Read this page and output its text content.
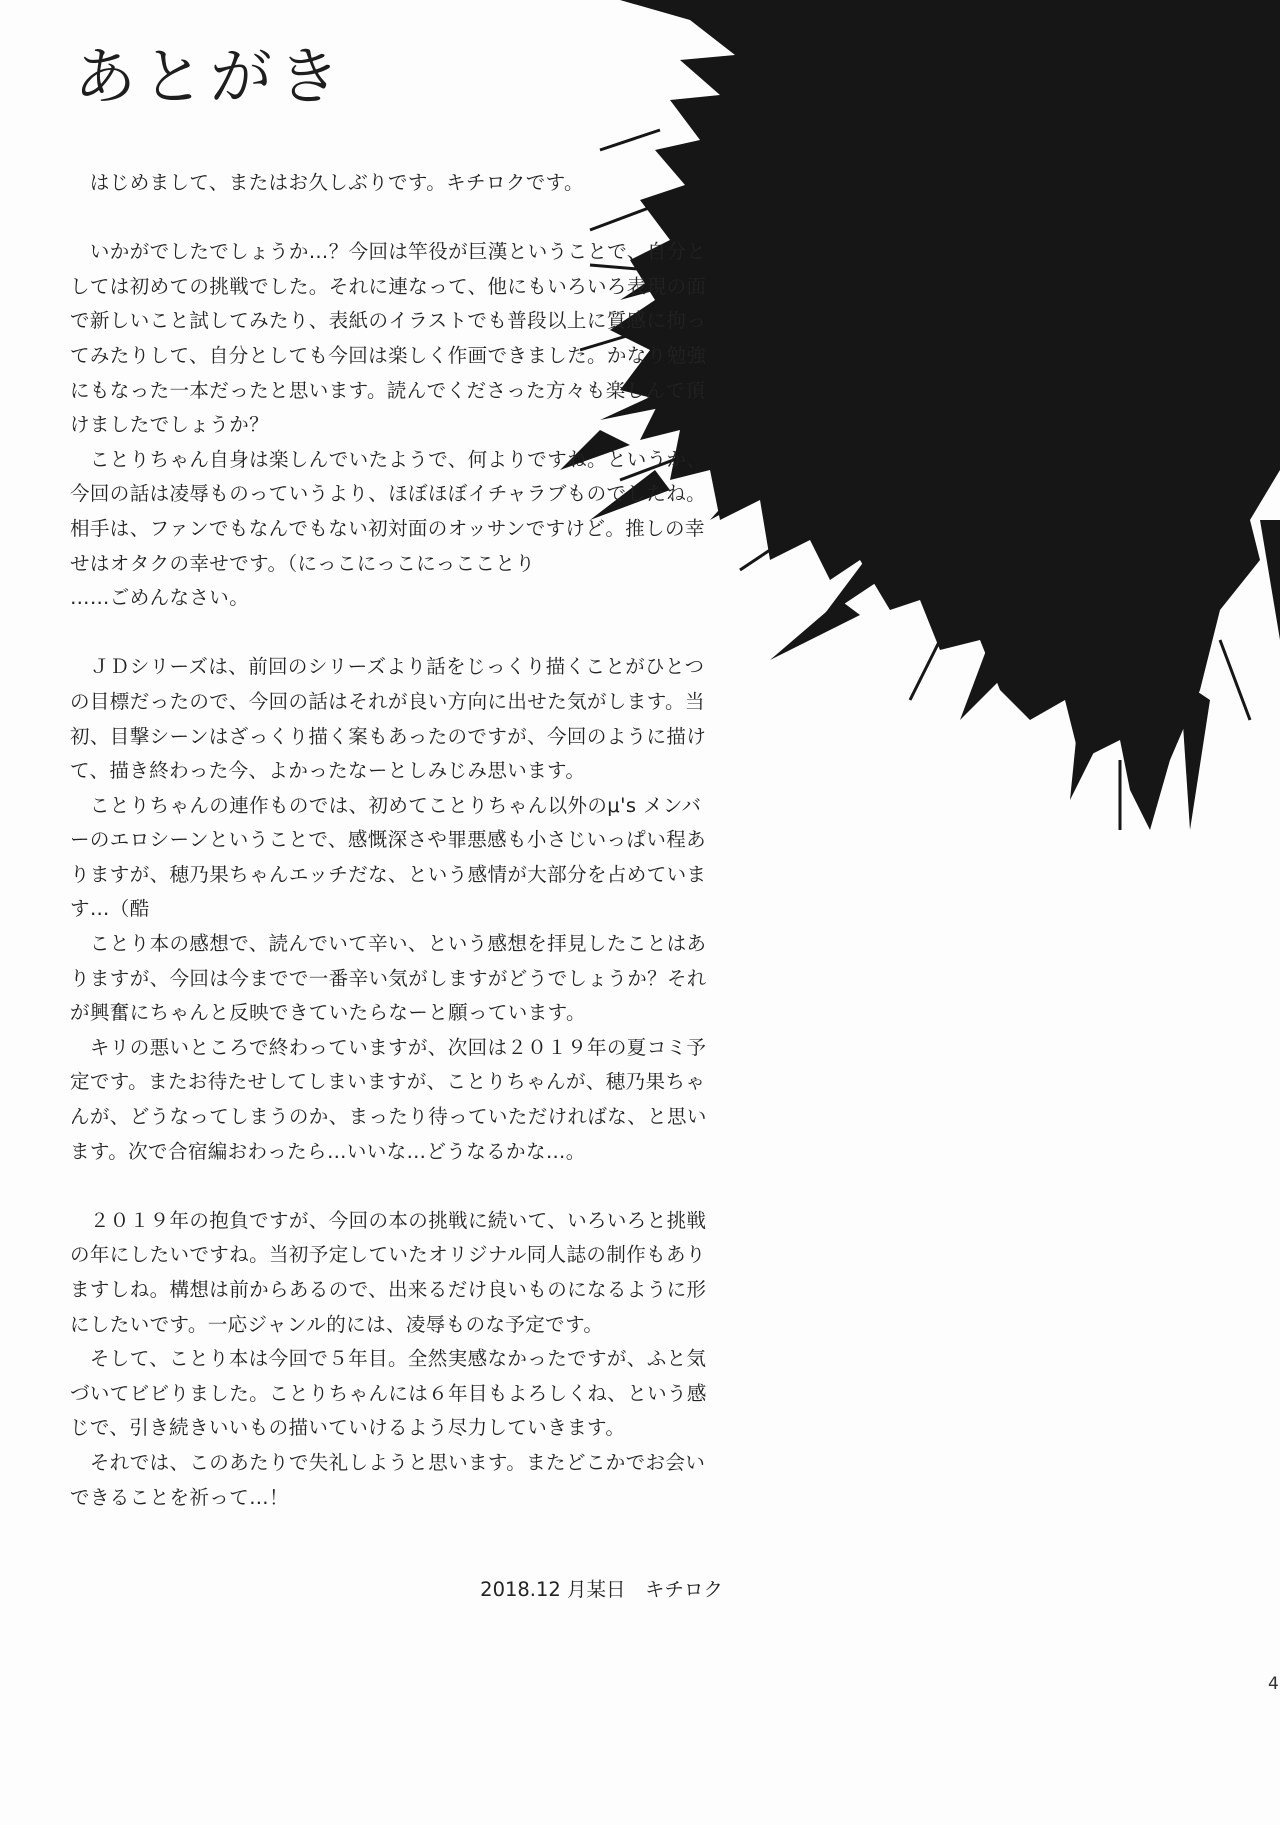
あとがき
　はじめまして、またはお久しぶりです。キチロクです。

　いかがでしたでしょうか…？今回は竿役が巨漢ということで、自分と
しては初めての挑戦でした。それに連なって、他にもいろいろ表現の面
で新しいこと試してみたり、表紙のイラストでも普段以上に質感に拘っ
てみたりして、自分としても今回は楽しく作画できました。かなり勉強
にもなった一本だったと思います。読んでくださった方々も楽しんで頂
けましたでしょうか？
　ことりちゃん自身は楽しんでいたようで、何よりですね。というか、
今回の話は凌辱ものっていうより、ほぼほぼイチャラブものでしたね。
相手は、ファンでもなんでもない初対面のオッサンですけど。推しの幸
せはオタクの幸せです。（にっこにっこにっこことり
……ごめんなさい。

　ＪＤシリーズは、前回のシリーズより話をじっくり描くことがひとつ
の目標だったので、今回の話はそれが良い方向に出せた気がします。当
初、目撃シーンはざっくり描く案もあったのですが、今回のように描け
て、描き終わった今、よかったなーとしみじみ思います。
　ことりちゃんの連作ものでは、初めてことりちゃん以外のμ's メンバ
ーのエロシーンということで、感慨深さや罪悪感も小さじいっぱい程あ
りますが、穂乃果ちゃんエッチだな、という感情が大部分を占めていま
す…（酷
　ことり本の感想で、読んでいて辛い、という感想を拝見したことはあ
りますが、今回は今までで一番辛い気がしますがどうでしょうか？それ
が興奮にちゃんと反映できていたらなーと願っています。
　キリの悪いところで終わっていますが、次回は２０１９年の夏コミ予
定です。またお待たせしてしまいますが、ことりちゃんが、穂乃果ちゃ
んが、どうなってしまうのか、まったり待っていただければな、と思い
ます。次で合宿編おわったら…いいな…どうなるかな…。

　２０１９年の抱負ですが、今回の本の挑戦に続いて、いろいろと挑戦
の年にしたいですね。当初予定していたオリジナル同人誌の制作もあり
ますしね。構想は前からあるので、出来るだけ良いものになるように形
にしたいです。一応ジャンル的には、凌辱ものな予定です。
　そして、ことり本は今回で５年目。全然実感なかったですが、ふと気
づいてビビりました。ことりちゃんには６年目もよろしくね、という感
じで、引き続きいいもの描いていけるよう尽力していきます。
　それでは、このあたりで失礼しようと思います。またどこかでお会い
できることを祈って…！
2018.12 月某日　キチロク
4
